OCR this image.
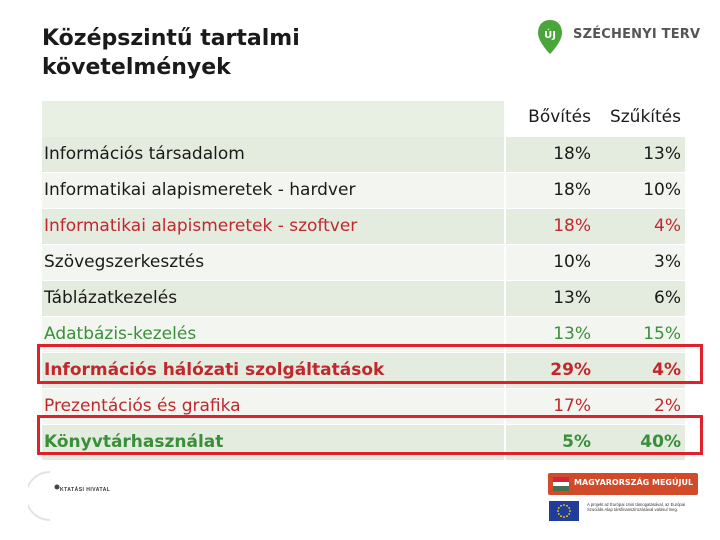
Középszintű tartalmi
követelmények
ÚJ SZÉCHENYI TERV
Bővítés Szűkítés
Információs társadalom	18%	13%
Informatikai alapismeretek - hardver	18%	10%
Informatikai alapismeretek - szoftver	18%	4%
Szövegszerkesztés	10%	3%
Táblázatkezelés	13%	6%
Adatbázis-kezelés	13%	15%
Információs hálózati szolgáltatások	29%	4%
Prezentációs és grafika	17%	2%
Könyvtárhasználat	5%	40%
KTATÁSI HIVATAL
MAGYARORSZÁG MEGÚJUL
A projekt az Európai Unió támogatásával, az Európai Szociális Alap társfinanszírozásával valósul meg.
